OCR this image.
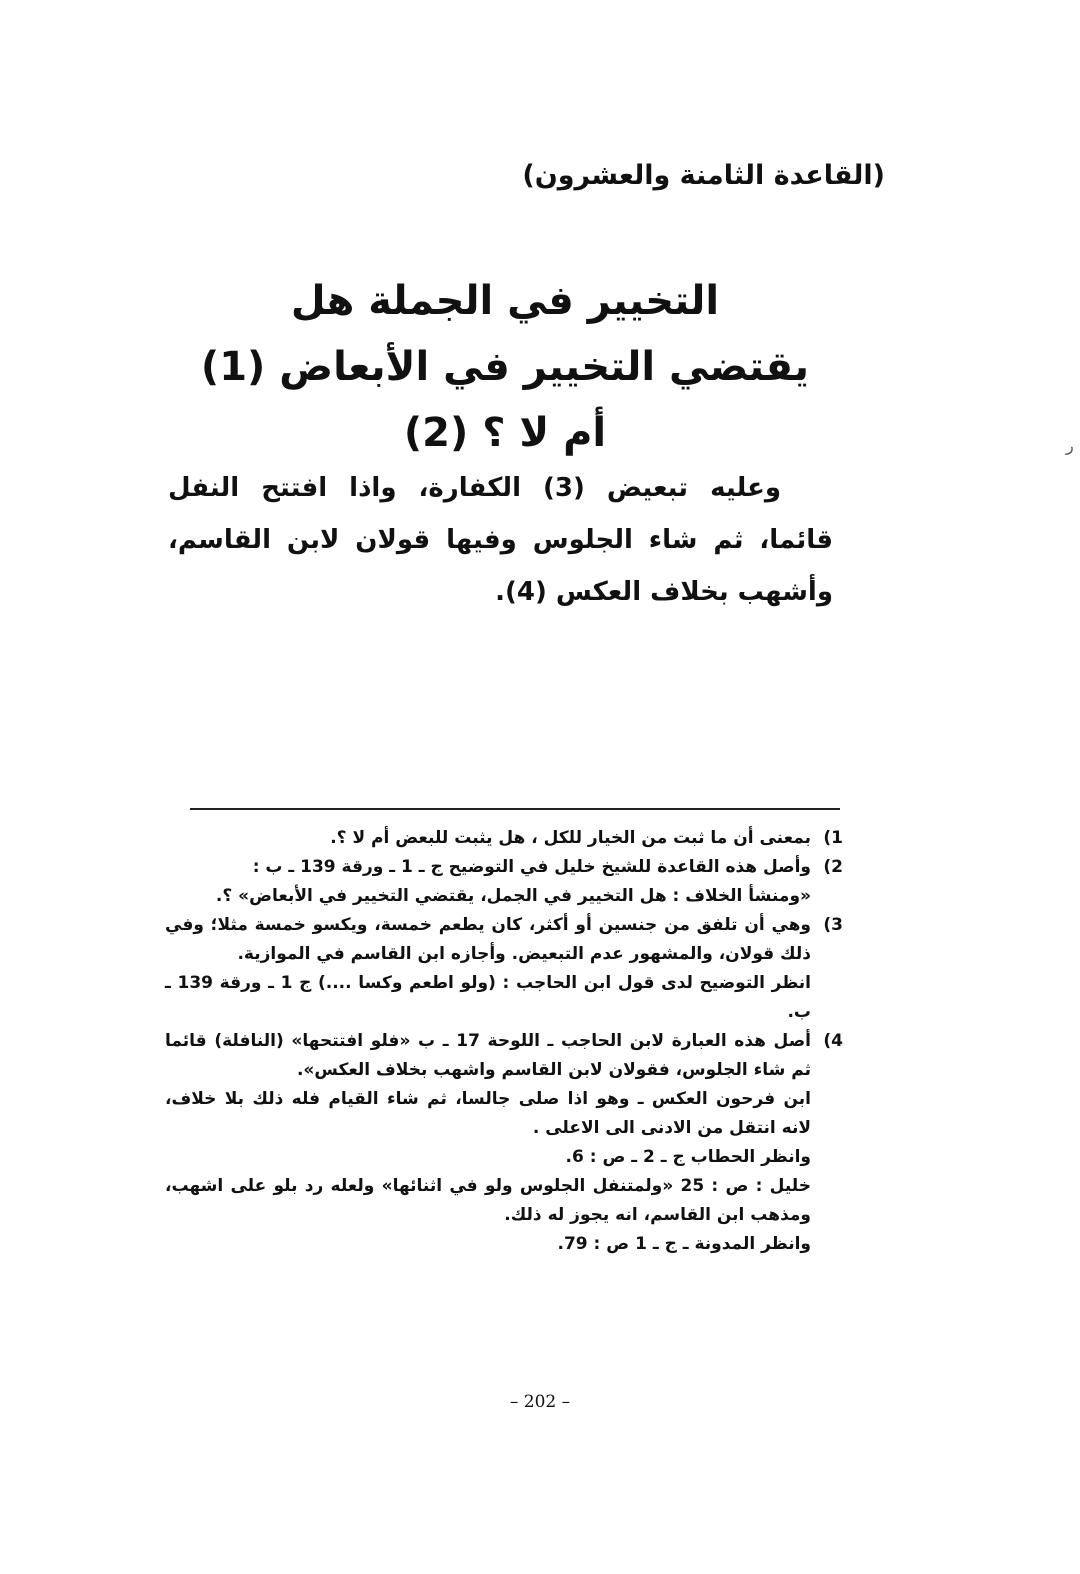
(القاعدة الثامنة والعشرون)
التخيير في الجملة هل
يقتضي التخيير في الأبعاض (1) أم لا ؟ (2)
وعليه تبعيض (3) الكفارة، واذا افتتح النفل قائما، ثم شاء الجلوس وفيها قولان لابن القاسم، وأشهب بخلاف العكس (4).
(1

بمعنى أن ما ثبت من الخيار للكل ، هل يثبت للبعض أم لا ؟.

(2

وأصل هذه القاعدة للشيخ خليل في التوضيح ج ـ 1 ـ ورقة 139 ـ ب :

«ومنشأ الخلاف : هل التخيير في الجمل، يقتضي التخيير في الأبعاض» ؟.

(3

وهي أن تلفق من جنسين أو أكثر، كان يطعم خمسة، ويكسو خمسة مثلا؛ وفي ذلك قولان، والمشهور عدم التبعيض. وأجازه ابن القاسم في الموازية.

انظر التوضيح لدى قول ابن الحاجب : (ولو اطعم وكسا ....) ج 1 ـ ورقة 139 ـ ب.

(4

أصل هذه العبارة لابن الحاجب ـ اللوحة 17 ـ ب «فلو افتتحها» (النافلة) قائما ثم شاء الجلوس، فقولان لابن القاسم واشهب بخلاف العكس».

ابن فرحون العكس ـ وهو اذا صلى جالسا، ثم شاء القيام فله ذلك بلا خلاف، لانه انتقل من الادنى الى الاعلى .

وانظر الحطاب ج ـ 2 ـ ص : 6.

خليل : ص : 25 «ولمتنفل الجلوس ولو في اثنائها» ولعله رد بلو على اشهب، ومذهب ابن القاسم، انه يجوز له ذلك.

وانظر المدونة ـ ج ـ 1 ص : 79.

– 202 –
ر
